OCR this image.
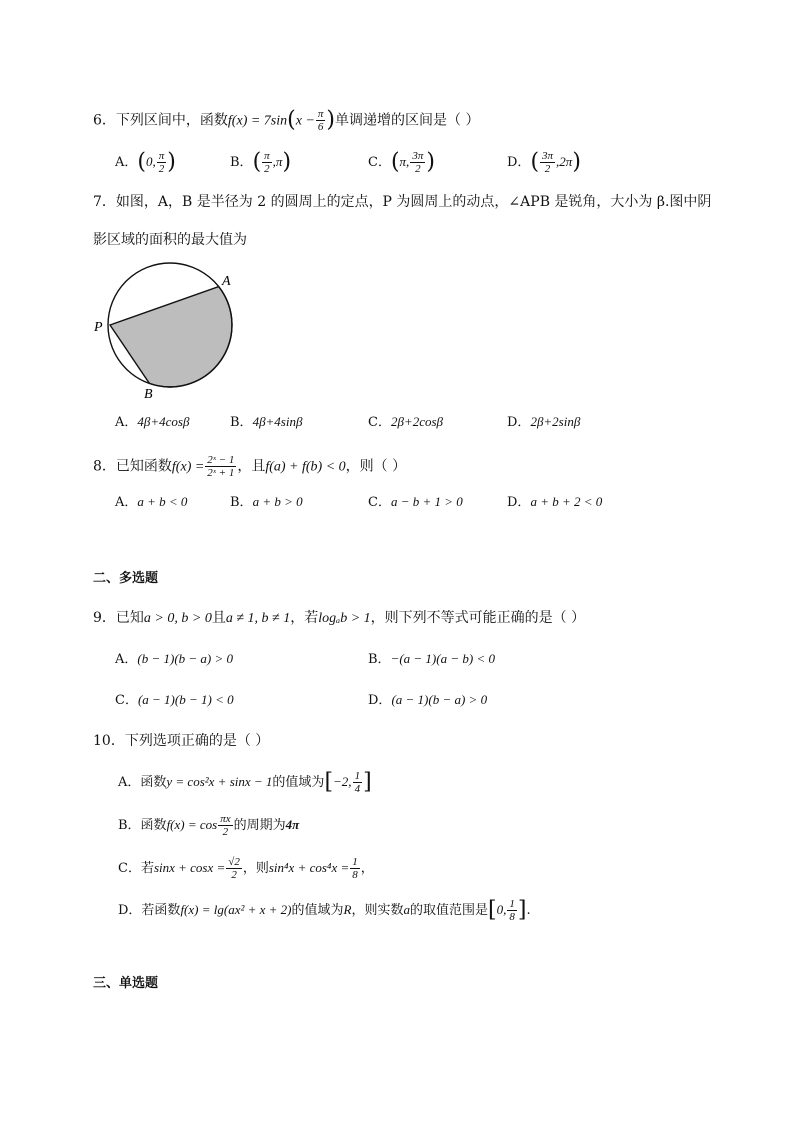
6．下列区间中，函数$f(x) = 7\sin(x - \frac{\pi}{6}$ )单调递增的区间是（ ）
A．(0, $\frac{\pi}{2}$ )	B．( $\frac{\pi}{2} ,\pi$)	C．(π, $\frac{3\pi}{2}$ )	D．( $\frac{3\pi}{2} ,2\pi$)
7．如图，A，B 是半径为 2 的圆周上的定点，P 为圆周上的动点，∠APB 是锐角，大小为 β.图中阴
影区域的面积的最大值为
A
P
B
A．4β+4cosβ	B．4β+4sinβ	C．2β+2cosβ	D．2β+2sinβ
8．已知函数$f(x) = \frac{\text{2ˣ − 1}}{\text{2ˣ + 1}}$ ，且f(a) + f(b) < 0，则（ ）
A．a + b < 0	B．a + b > 0	C．a − b + 1 > 0	D．a + b + 2 < 0
二、多选题
9．已知a > 0, b > 0且a ≠ 1, b ≠ 1，若logₐb > 1，则下列不等式可能正确的是（ ）
A．(b − 1)(b − a) > 0	B．−(a − 1)(a − b) < 0
C．(a − 1)(b − 1) < 0	D．(a − 1)(b − a) > 0
10．下列选项正确的是（ ）
A．函数y = cos²x + sinx − 1的值域为[−2, $\frac{1}{4}$ ]
B．函数$f(x) = \cos \frac{\pi x}{2}$ 的周期为4π
C．若$\sin x + \cos x = \frac{√2}{2}$ ，则$\sin^4x + \cos^4x = \frac{1}{8}$ ，
D．若函数f(x) = lg(ax² + x + 2)的值域为R，则实数a的取值范围是[0, $\frac{1}{8}$ ].
三、单选题
